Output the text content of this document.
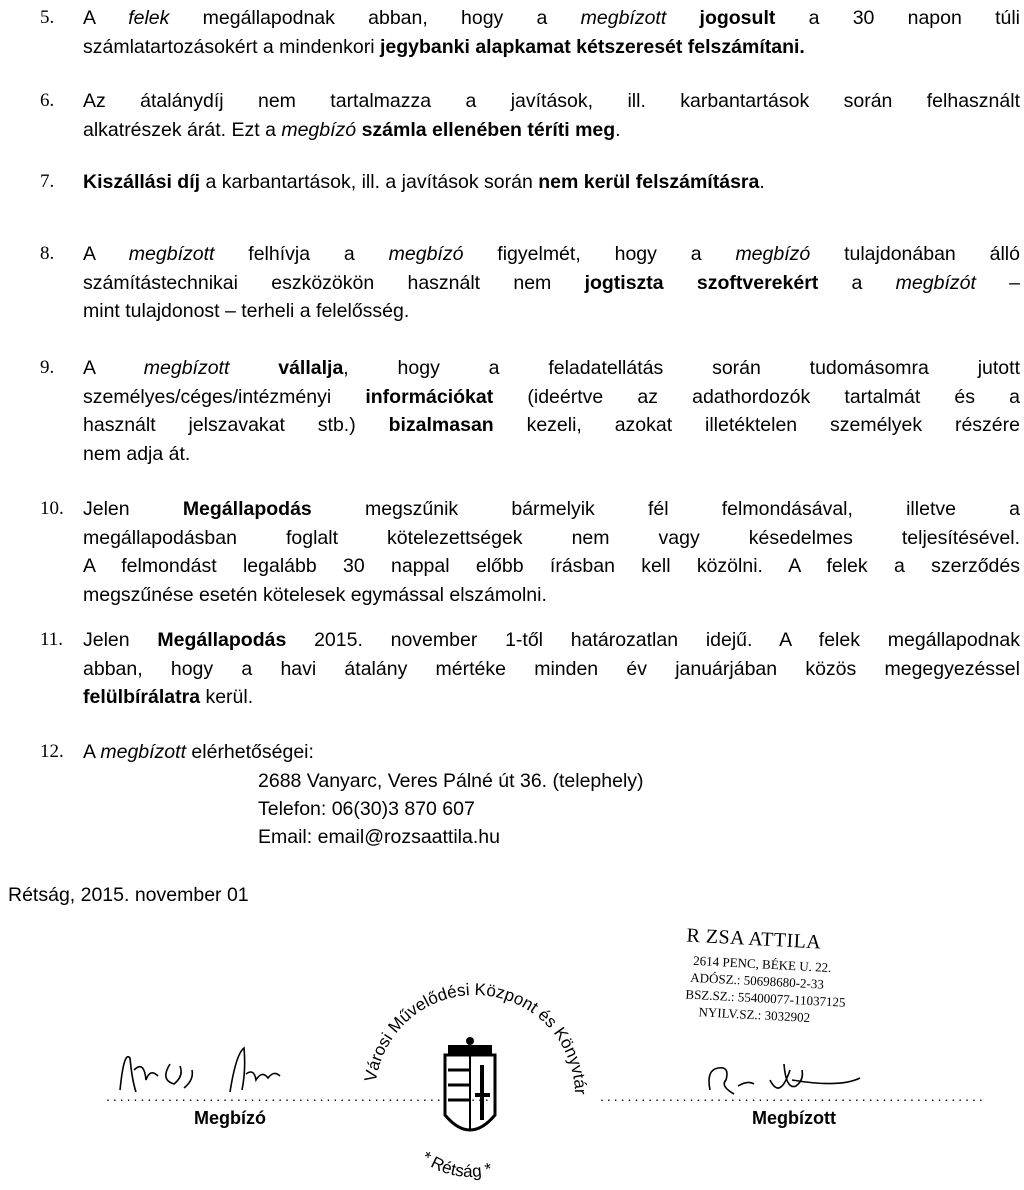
5.	A felek megállapodnak abban, hogy a megbízott jogosult a 30 napon túli
számlatartozásokért a mindenkori jegybanki alapkamat kétszeresét felszámítani.
6.	Az átalánydíj nem tartalmazza a javítások, ill. karbantartások során felhasznált
alkatrészek árát. Ezt a megbízó számla ellenében téríti meg.
7.	Kiszállási díj a karbantartások, ill. a javítások során nem kerül felszámításra.
8.	A megbízott felhívja a megbízó figyelmét, hogy a megbízó tulajdonában álló
számítástechnikai eszközökön használt nem jogtiszta szoftverekért a megbízót –
mint tulajdonost – terheli a felelősség.
9.	A megbízott	vállalja, hogy a feladatellátás során tudomásomra jutott
személyes/céges/intézményi információkat (ideértve az adathordozók tartalmát és a
használt jelszavakat stb.) bizalmasan kezeli, azokat illetéktelen személyek részére
nem adja át.
10. Jelen Megállapodás megszűnik bármelyik fél felmondásával, illetve a
megállapodásban foglalt kötelezettségek nem vagy késedelmes teljesítésével.
A felmondást legalább 30 nappal előbb írásban kell közölni. A felek a szerződés
megszűnése esetén kötelesek egymással elszámolni.
11.	Jelen Megállapodás 2015. november 1-től határozatlan idejű. A felek megállapodnak
abban, hogy a havi átalány mértéke minden év januárjában közös megegyezéssel
felülbírálatra kerül.
12. A megbízott elérhetőségei:
2688 Vanyarc, Veres Pálné út 36. (telephely)
Telefon: 06(30)3 870 607
Email: email@rozsaattila.hu
Rétság, 2015. november 01
R ZSA ATTILA
2614 PENC, BÉKE U. 22.
ADÓSZ.: 50698680-2-33
BSZ.SZ.: 55400077-11037125
NYILV.SZ.: 3032902
Városi Művelődési Központ és Könyvtár
* Rétság *
........................................................	........................................................
Megbízó	Megbízott
